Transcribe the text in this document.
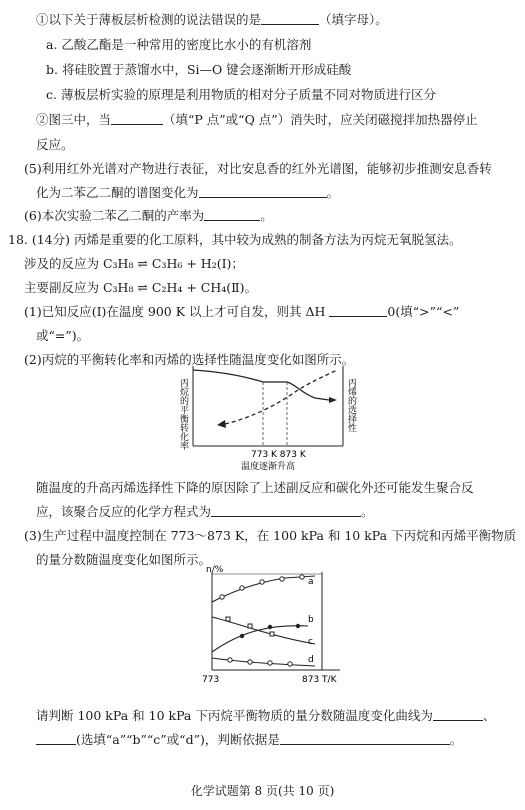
①以下关于薄板层析检测的说法错误的是	（填字母）。
a. 乙酸乙酯是一种常用的密度比水小的有机溶剂
b. 将硅胶置于蒸馏水中，Si—O 键会逐渐断开形成硅酸
c. 薄板层析实验的原理是利用物质的相对分子质量不同对物质进行区分
②图三中，当	（填“P 点”或“Q 点”）消失时，应关闭磁搅拌加热器停止
反应。
(5)利用红外光谱对产物进行表征，对比安息香的红外光谱图，能够初步推测安息香转
化为二苯乙二酮的谱图变化为	。
(6)本次实验二苯乙二酮的产率为	。
18. (14分) 丙烯是重要的化工原料，其中较为成熟的制备方法为丙烷无氧脱氢法。
涉及的反应为 C₃H₈ ⇌ C₃H₆ + H₂(Ⅰ)；
主要副反应为 C₃H₈ ⇌ C₂H₄ + CH₄(Ⅱ)。
(1)已知反应(Ⅰ)在温度 900 K 以上才可自发，则其 ΔH	0(填“>”“<”
或“=”)。
(2)丙烷的平衡转化率和丙烯的选择性随温度变化如图所示。
丙烷的平衡转化率	丙烯的选择性
773 K 873 K
温度逐渐升高
随温度的升高丙烯选择性下降的原因除了上述副反应和碳化外还可能发生聚合反
应，该聚合反应的化学方程式为	。
(3)生产过程中温度控制在 773～873 K，在 100 kPa 和 10 kPa 下丙烷和丙烯平衡物质
的量分数随温度变化如图所示。
n/%
a
b
c
d
773	873 T/K
请判断 100 kPa 和 10 kPa 下丙烷平衡物质的量分数随温度变化曲线为	、
(选填“a”“b”“c”或“d”)，判断依据是	。
化学试题第 8 页(共 10 页)
